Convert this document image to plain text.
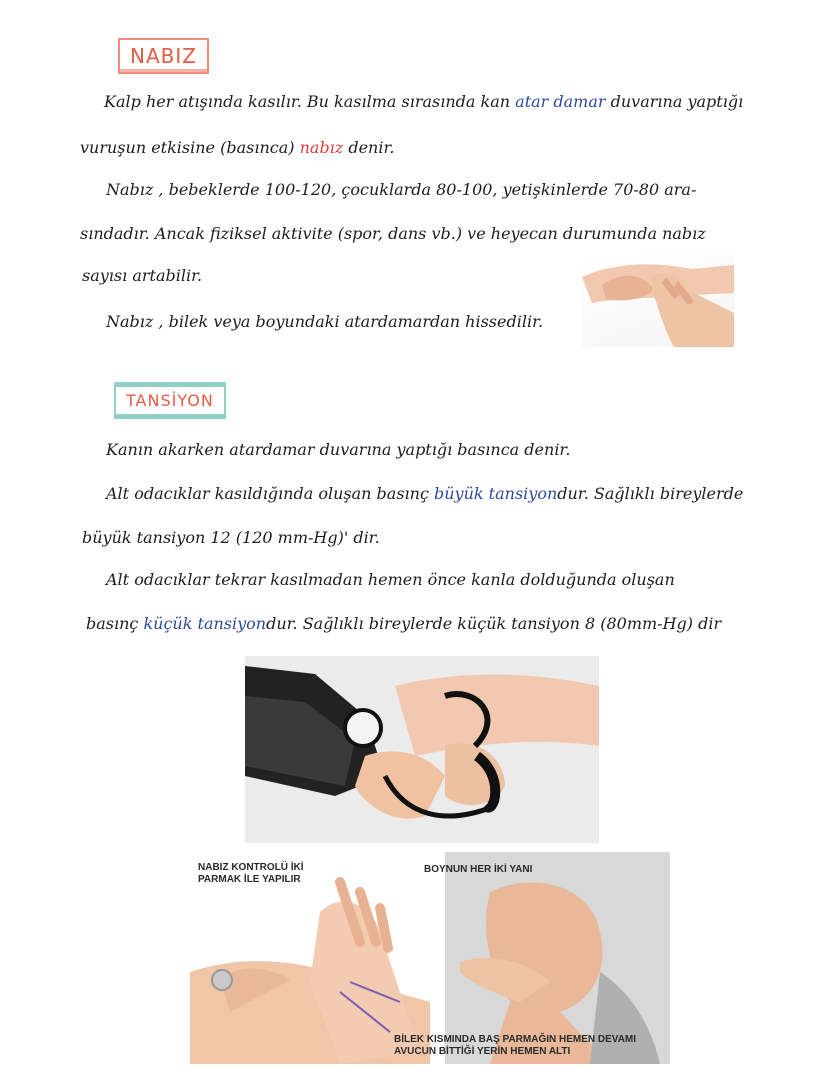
NABIZ
Kalp her atışında kasılır. Bu kasılma sırasında kan atar damar duvarına yaptığı
vuruşun etkisine (basınca) nabız denir.
Nabız , bebeklerde 100-120, çocuklarda 80-100, yetişkinlerde 70-80 ara-
sındadır. Ancak fiziksel aktivite (spor, dans vb.) ve heyecan durumunda nabız
sayısı artabilir.
Nabız , bilek veya boyundaki atardamardan hissedilir.
TANSİYON
Kanın akarken atardamar duvarına yaptığı basınca denir.
Alt odacıklar kasıldığında oluşan basınç büyük tansiyondur. Sağlıklı bireylerde
büyük tansiyon 12 (120 mm-Hg)' dir.
Alt odacıklar tekrar kasılmadan hemen önce kanla dolduğunda oluşan
basınç küçük tansiyondur. Sağlıklı bireylerde küçük tansiyon 8 (80mm-Hg) dir
NABIZ KONTROLÜ İKİ
PARMAK İLE YAPILIR
BOYNUN HER İKİ YANI
BİLEK KISMINDA BAŞ PARMAĞIN HEMEN DEVAMI
AVUCUN BİTTİĞİ YERİN HEMEN ALTI
